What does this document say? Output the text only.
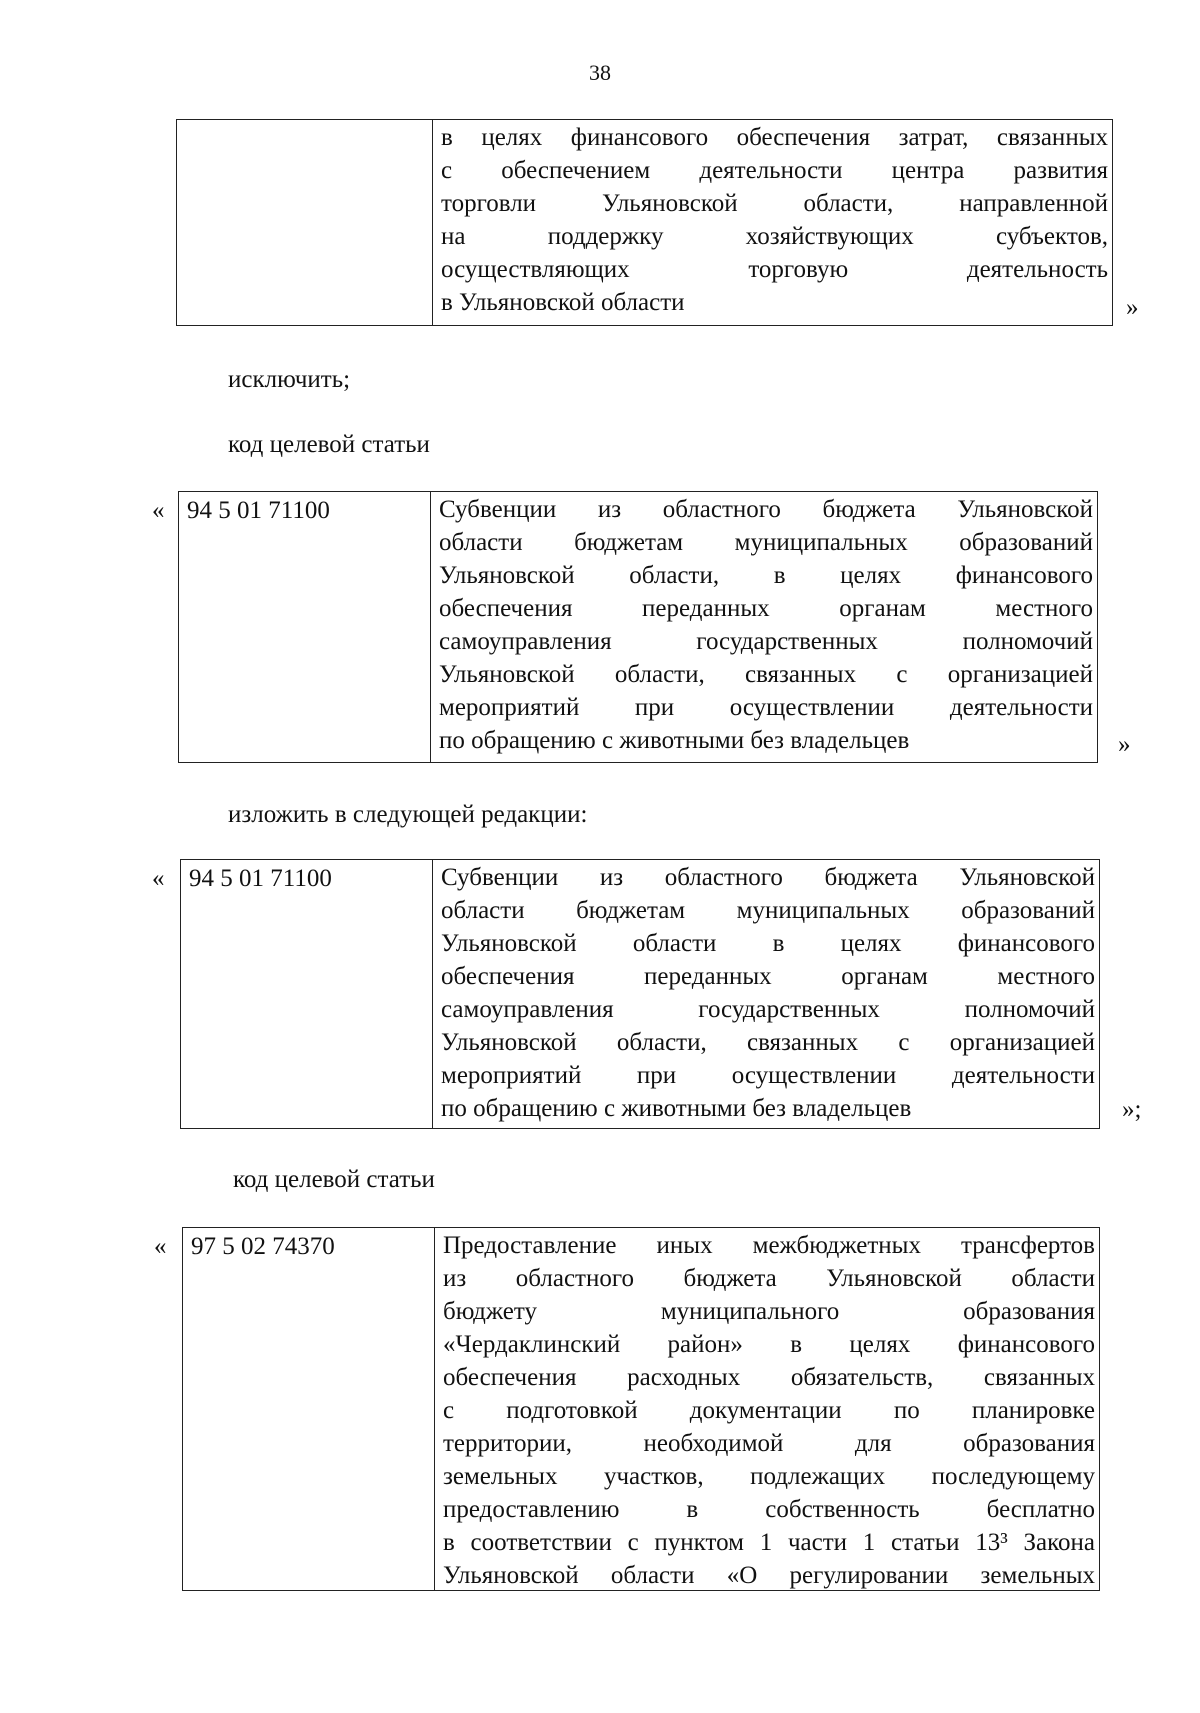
38
в целях финансового обеспечения затрат, связанных
с обеспечением деятельности центра развития
торговли Ульяновской области, направленной
на поддержку хозяйствующих субъектов,
осуществляющих торговую деятельность
в Ульяновской области	»
исключить;
код целевой статьи
« 94 5 01 71100	Субвенции из областного бюджета Ульяновской
области бюджетам муниципальных образований
Ульяновской области, в целях финансового
обеспечения переданных органам местного
самоуправления государственных полномочий
Ульяновской области, связанных с организацией
мероприятий при осуществлении деятельности
по обращению с животными без владельцев	»
изложить в следующей редакции:
« 94 5 01 71100	Субвенции из областного бюджета Ульяновской
области бюджетам муниципальных образований
Ульяновской области в целях финансового
обеспечения переданных органам местного
самоуправления государственных полномочий
Ульяновской области, связанных с организацией
мероприятий при осуществлении деятельности
по обращению с животными без владельцев	»;
код целевой статьи
« 97 5 02 74370	Предоставление иных межбюджетных трансфертов
из областного бюджета Ульяновской области
бюджету муниципального образования
«Чердаклинский район» в целях финансового
обеспечения расходных обязательств, связанных
с подготовкой документации по планировке
территории, необходимой для образования
земельных участков, подлежащих последующему
предоставлению в собственность бесплатно
в соответствии с пунктом 1 части 1 статьи 13³ Закона
Ульяновской области «О регулировании земельных
